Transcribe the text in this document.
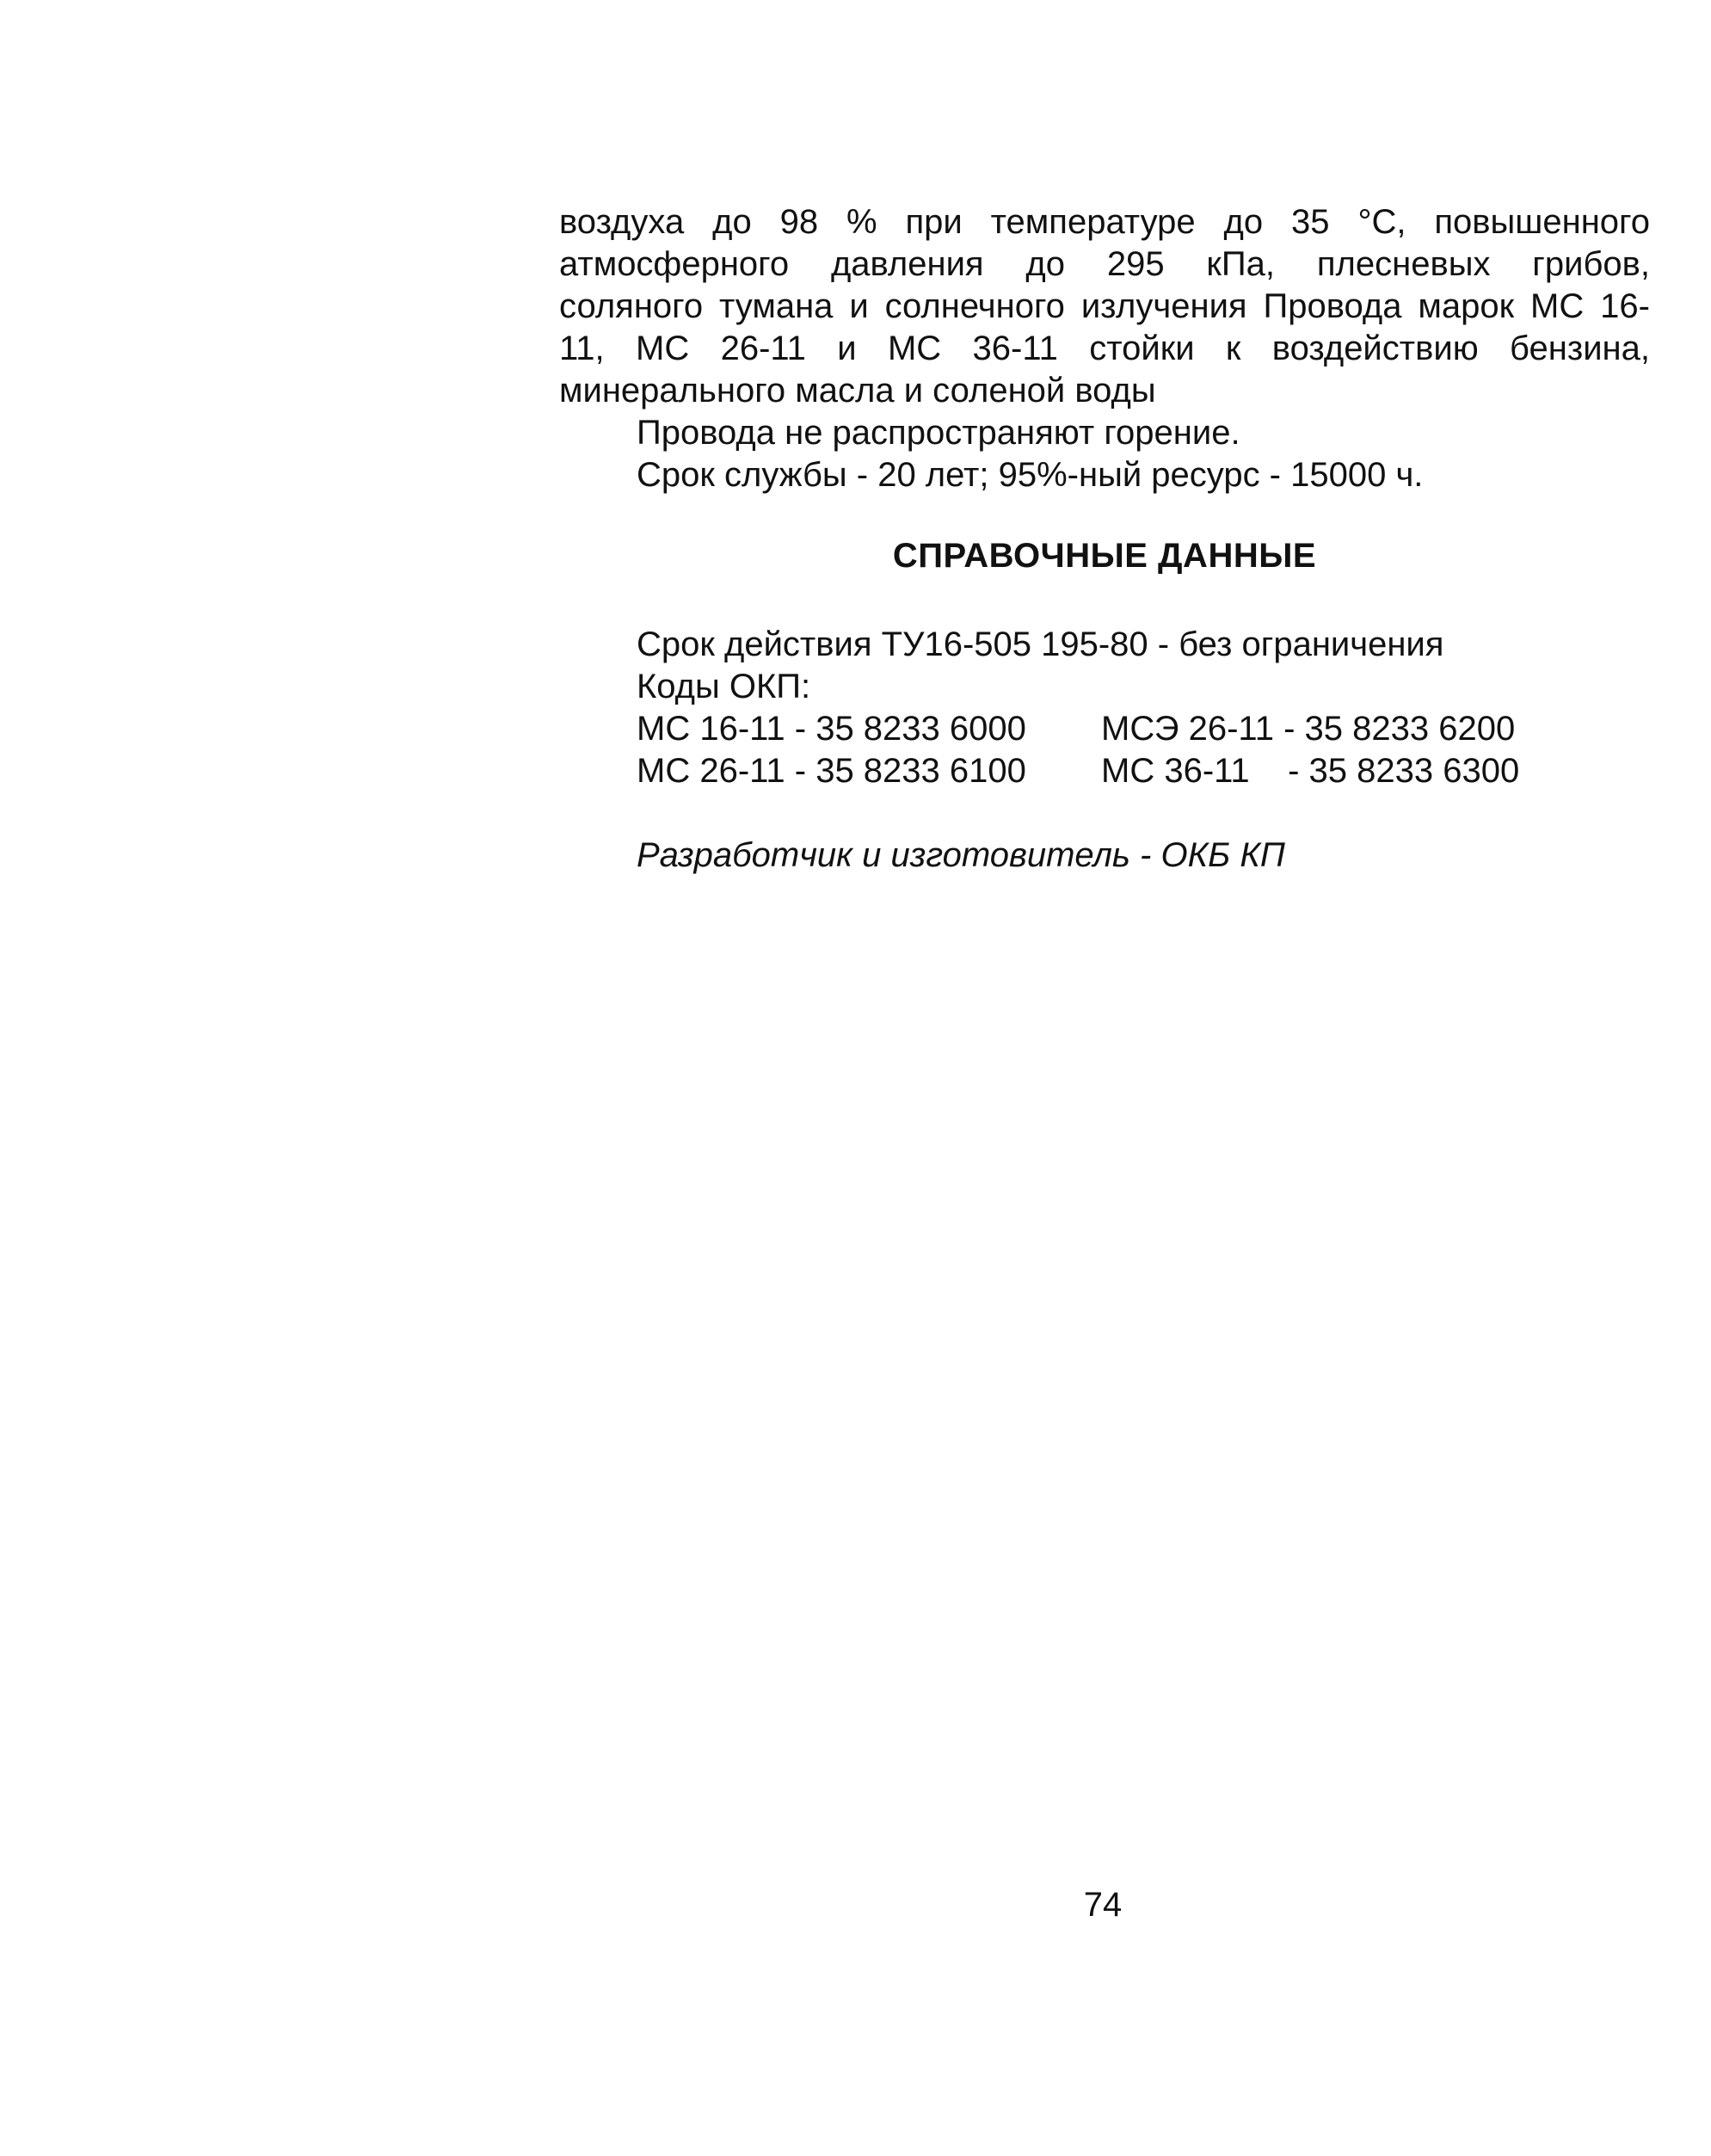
воздуха до 98 % при температуре до 35 °С, повышенного
атмосферного давления до 295 кПа, плесневых грибов,
соляного тумана и солнечного излучения Провода марок МС 16-
11, МС 26-11 и МС 36-11 стойки к воздействию бензина,
минерального масла и соленой воды
Провода не распространяют горение.
Срок службы - 20 лет; 95%-ный ресурс - 15000 ч.
СПРАВОЧНЫЕ ДАННЫЕ
Срок действия ТУ16-505 195-80 - без ограничения
Коды ОКП:
МС 16-11 - 35 8233 6000 МСЭ 26-11 - 35 8233 6200
МС 26-11 - 35 8233 6100 МС 36-11    - 35 8233 6300
Разработчик и изготовитель - ОКБ КП
74
